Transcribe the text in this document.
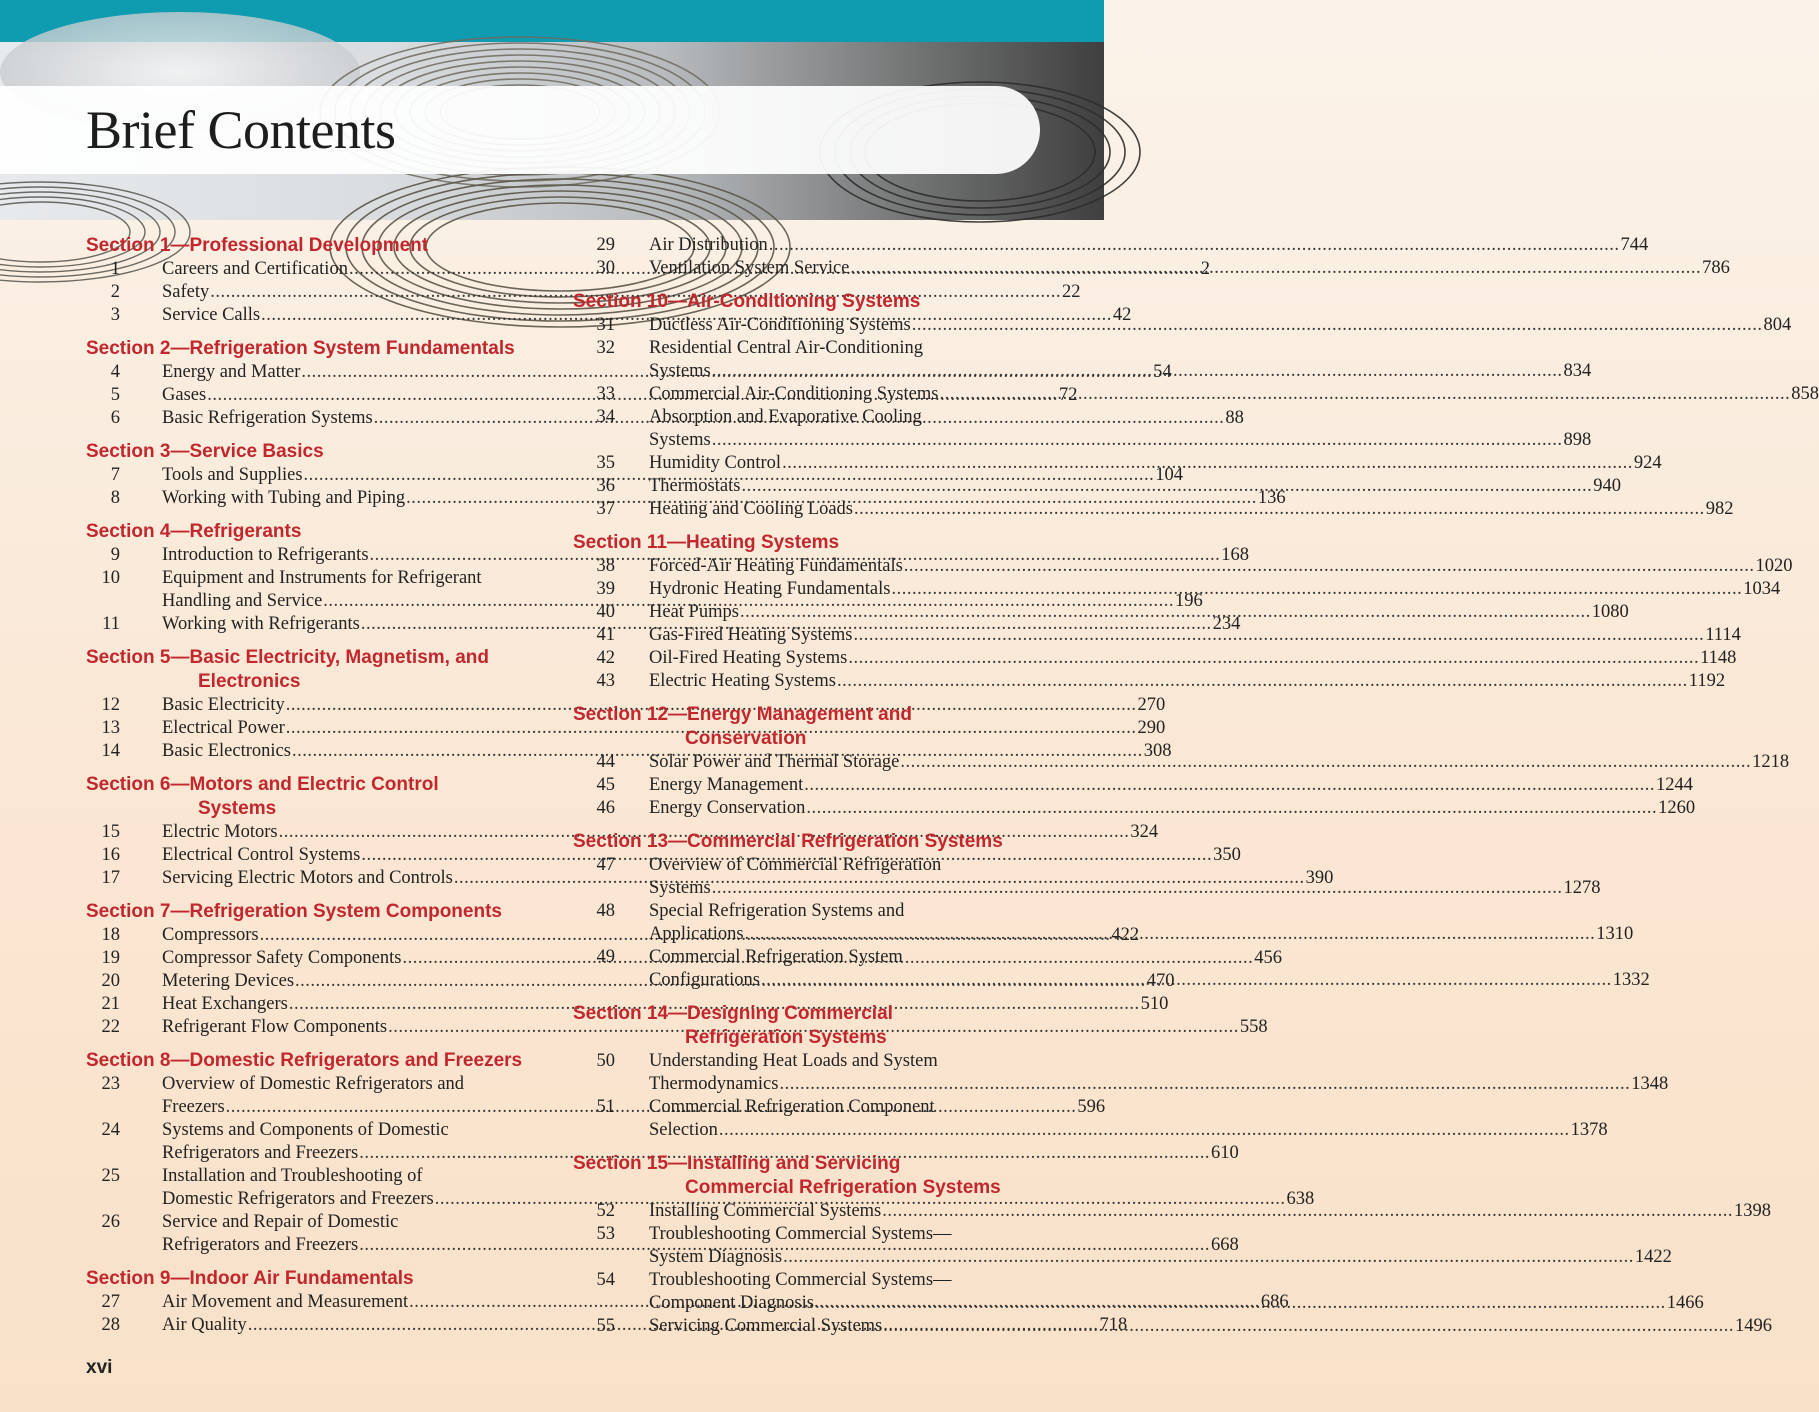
Brief Contents
Section 1—Professional Development
1 Careers and Certification .....	2
2 Safety .....	22
3 Service Calls .....	42
Section 2—Refrigeration System Fundamentals
4 Energy and Matter .....	54
5 Gases .....	72
6 Basic Refrigeration Systems .....	88
Section 3—Service Basics
7 Tools and Supplies .....	104
8 Working with Tubing and Piping .....	136
Section 4—Refrigerants
9 Introduction to Refrigerants .....	168
10 Equipment and Instruments for Refrigerant
Handling and Service .....	196
11 Working with Refrigerants .....	234
Section 5—Basic Electricity, Magnetism, and
Electronics
12 Basic Electricity .....	270
13 Electrical Power .....	290
14 Basic Electronics .....	308
Section 6—Motors and Electric Control
Systems
15 Electric Motors .....	324
16 Electrical Control Systems .....	350
17 Servicing Electric Motors and Controls .....	390
Section 7—Refrigeration System Components
18 Compressors .....	422
19 Compressor Safety Components .....	456
20 Metering Devices .....	470
21 Heat Exchangers .....	510
22 Refrigerant Flow Components .....	558
Section 8—Domestic Refrigerators and Freezers
23 Overview of Domestic Refrigerators and
Freezers .....	596
24 Systems and Components of Domestic
Refrigerators and Freezers .....	610
25 Installation and Troubleshooting of
Domestic Refrigerators and Freezers .....	638
26 Service and Repair of Domestic
Refrigerators and Freezers .....	668
Section 9—Indoor Air Fundamentals
27 Air Movement and Measurement .....	686
28 Air Quality .....	718
29 Air Distribution .....	744
30 Ventilation System Service .....	786
Section 10—Air-Conditioning Systems
31 Ductless Air-Conditioning Systems .....	804
32 Residential Central Air-Conditioning
Systems .....	834
33 Commercial Air-Conditioning Systems .....	858
34 Absorption and Evaporative Cooling
Systems .....	898
35 Humidity Control .....	924
36 Thermostats .....	940
37 Heating and Cooling Loads .....	982
Section 11—Heating Systems
38 Forced-Air Heating Fundamentals .....	1020
39 Hydronic Heating Fundamentals .....	1034
40 Heat Pumps .....	1080
41 Gas-Fired Heating Systems .....	1114
42 Oil-Fired Heating Systems .....	1148
43 Electric Heating Systems .....	1192
Section 12—Energy Management and
Conservation
44 Solar Power and Thermal Storage .....	1218
45 Energy Management .....	1244
46 Energy Conservation .....	1260
Section 13—Commercial Refrigeration Systems
47 Overview of Commercial Refrigeration
Systems .....	1278
48 Special Refrigeration Systems and
Applications .....	1310
49 Commercial Refrigeration System
Configurations .....	1332
Section 14—Designing Commercial
Refrigeration Systems
50 Understanding Heat Loads and System
Thermodynamics .....	1348
51 Commercial Refrigeration Component
Selection .....	1378
Section 15—Installing and Servicing
Commercial Refrigeration Systems
52 Installing Commercial Systems .....	1398
53 Troubleshooting Commercial Systems—
System Diagnosis .....	1422
54 Troubleshooting Commercial Systems—
Component Diagnosis .....	1466
55 Servicing Commercial Systems .....	1496
xvi
